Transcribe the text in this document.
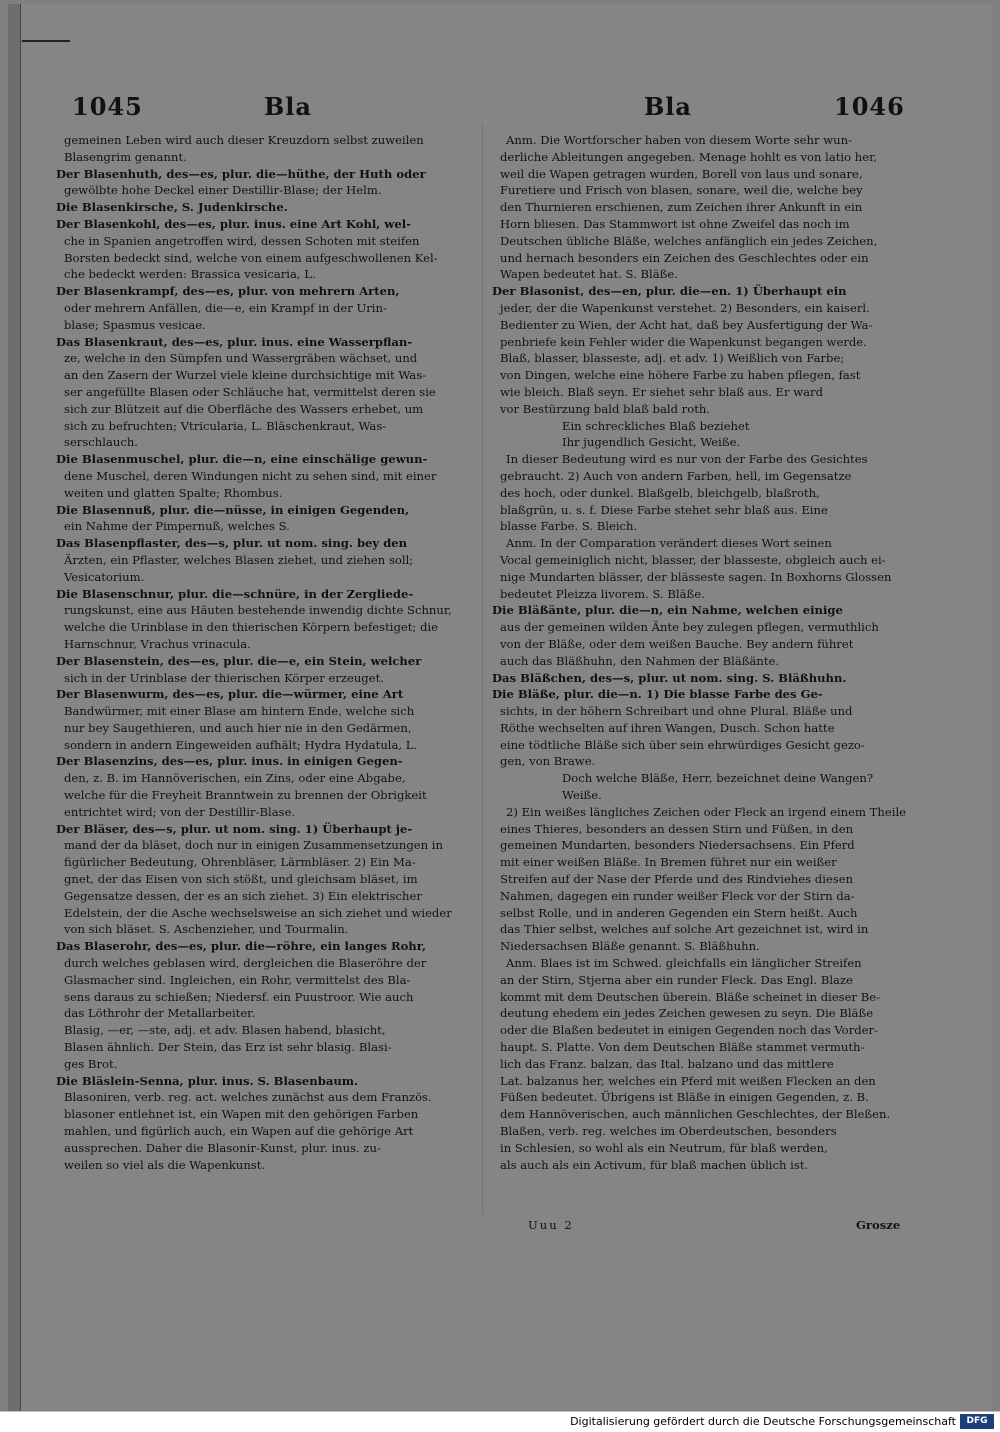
1045	Bla	Bla	1046
gemeinen Leben wird auch dieser Kreuzdorn selbst zuweilen
Blasengrim genannt.
Der Blasenhuth, des—es, plur. die—hüthe, der Huth oder
gewölbte hohe Deckel einer Destillir-Blase; der Helm.
Die Blasenkirsche, S. Judenkirsche.
Der Blasenkohl, des—es, plur. inus. eine Art Kohl, wel-
che in Spanien angetroffen wird, dessen Schoten mit steifen
Borsten bedeckt sind, welche von einem aufgeschwollenen Kel-
che bedeckt werden: Brassica vesicaria, L.
Der Blasenkrampf, des—es, plur. von mehrern Arten,
oder mehrern Anfällen, die—e, ein Krampf in der Urin-
blase; Spasmus vesicae.
Das Blasenkraut, des—es, plur. inus. eine Wasserpflan-
ze, welche in den Sümpfen und Wassergräben wächset, und
an den Zasern der Wurzel viele kleine durchsichtige mit Was-
ser angefüllte Blasen oder Schläuche hat, vermittelst deren sie
sich zur Blützeit auf die Oberfläche des Wassers erhebet, um
sich zu befruchten; Vtricularia, L. Bläschenkraut, Was-
serschlauch.
Die Blasenmuschel, plur. die—n, eine einschälige gewun-
dene Muschel, deren Windungen nicht zu sehen sind, mit einer
weiten und glatten Spalte; Rhombus.
Die Blasennuß, plur. die—nüsse, in einigen Gegenden,
ein Nahme der Pimpernuß, welches S.
Das Blasenpflaster, des—s, plur. ut nom. sing. bey den
Ärzten, ein Pflaster, welches Blasen ziehet, und ziehen soll;
Vesicatorium.
Die Blasenschnur, plur. die—schnüre, in der Zergliede-
rungskunst, eine aus Häuten bestehende inwendig dichte Schnur,
welche die Urinblase in den thierischen Körpern befestiget; die
Harnschnur, Vrachus vrinacula.
Der Blasenstein, des—es, plur. die—e, ein Stein, welcher
sich in der Urinblase der thierischen Körper erzeuget.
Der Blasenwurm, des—es, plur. die—würmer, eine Art
Bandwürmer, mit einer Blase am hintern Ende, welche sich
nur bey Saugethieren, und auch hier nie in den Gedärmen,
sondern in andern Eingeweiden aufhält; Hydra Hydatula, L.
Der Blasenzins, des—es, plur. inus. in einigen Gegen-
den, z. B. im Hannöverischen, ein Zins, oder eine Abgabe,
welche für die Freyheit Branntwein zu brennen der Obrigkeit
entrichtet wird; von der Destillir-Blase.
Der Bläser, des—s, plur. ut nom. sing. 1) Überhaupt je-
mand der da bläset, doch nur in einigen Zusammensetzungen in
figürlicher Bedeutung, Ohrenbläser, Lärmbläser. 2) Ein Ma-
gnet, der das Eisen von sich stößt, und gleichsam bläset, im
Gegensatze dessen, der es an sich ziehet. 3) Ein elektrischer
Edelstein, der die Asche wechselsweise an sich ziehet und wieder
von sich bläset. S. Aschenzieher, und Tourmalin.
Das Blaserohr, des—es, plur. die—röhre, ein langes Rohr,
durch welches geblasen wird, dergleichen die Blaseröhre der
Glasmacher sind. Ingleichen, ein Rohr, vermittelst des Bla-
sens daraus zu schießen; Niedersf. ein Puustroor. Wie auch
das Löthrohr der Metallarbeiter.
Blasig, —er, —ste, adj. et adv. Blasen habend, blasicht,
Blasen ähnlich. Der Stein, das Erz ist sehr blasig. Blasi-
ges Brot.
Die Bläslein-Senna, plur. inus. S. Blasenbaum.
Blasoniren, verb. reg. act. welches zunächst aus dem Französ.
blasoner entlehnet ist, ein Wapen mit den gehörigen Farben
mahlen, und figürlich auch, ein Wapen auf die gehörige Art
aussprechen. Daher die Blasonir-Kunst, plur. inus. zu-
weilen so viel als die Wapenkunst.
Anm. Die Wortforscher haben von diesem Worte sehr wun-
derliche Ableitungen angegeben. Menage hohlt es von latio her,
weil die Wapen getragen wurden, Borell von laus und sonare,
Furetiere und Frisch von blasen, sonare, weil die, welche bey
den Thurnieren erschienen, zum Zeichen ihrer Ankunft in ein
Horn bliesen. Das Stammwort ist ohne Zweifel das noch im
Deutschen übliche Bläße, welches anfänglich ein jedes Zeichen,
und hernach besonders ein Zeichen des Geschlechtes oder ein
Wapen bedeutet hat. S. Bläße.
Der Blasonist, des—en, plur. die—en. 1) Überhaupt ein
jeder, der die Wapenkunst verstehet. 2) Besonders, ein kaiserl.
Bedienter zu Wien, der Acht hat, daß bey Ausfertigung der Wa-
penbriefe kein Fehler wider die Wapenkunst begangen werde.
Blaß, blasser, blasseste, adj. et adv. 1) Weißlich von Farbe;
von Dingen, welche eine höhere Farbe zu haben pflegen, fast
wie bleich. Blaß seyn. Er siehet sehr blaß aus. Er ward
vor Bestürzung bald blaß bald roth.
Ein schreckliches Blaß beziehet
Ihr jugendlich Gesicht, Weiße.
In dieser Bedeutung wird es nur von der Farbe des Gesichtes
gebraucht. 2) Auch von andern Farben, hell, im Gegensatze
des hoch, oder dunkel. Blaßgelb, bleichgelb, blaßroth,
blaßgrün, u. s. f. Diese Farbe stehet sehr blaß aus. Eine
blasse Farbe. S. Bleich.
Anm. In der Comparation verändert dieses Wort seinen
Vocal gemeiniglich nicht, blasser, der blasseste, obgleich auch ei-
nige Mundarten blässer, der blässeste sagen. In Boxhorns Glossen
bedeutet Pleizza livorem. S. Bläße.
Die Bläßänte, plur. die—n, ein Nahme, welchen einige
aus der gemeinen wilden Änte bey zulegen pflegen, vermuthlich
von der Bläße, oder dem weißen Bauche. Bey andern führet
auch das Bläßhuhn, den Nahmen der Bläßänte.
Das Bläßchen, des—s, plur. ut nom. sing. S. Bläßhuhn.
Die Bläße, plur. die—n. 1) Die blasse Farbe des Ge-
sichts, in der höhern Schreibart und ohne Plural. Bläße und
Röthe wechselten auf ihren Wangen, Dusch. Schon hatte
eine tödtliche Bläße sich über sein ehrwürdiges Gesicht gezo-
gen, von Brawe.
Doch welche Bläße, Herr, bezeichnet deine Wangen?
Weiße.
2) Ein weißes längliches Zeichen oder Fleck an irgend einem Theile
eines Thieres, besonders an dessen Stirn und Füßen, in den
gemeinen Mundarten, besonders Niedersachsens. Ein Pferd
mit einer weißen Bläße. In Bremen führet nur ein weißer
Streifen auf der Nase der Pferde und des Rindviehes diesen
Nahmen, dagegen ein runder weißer Fleck vor der Stirn da-
selbst Rolle, und in anderen Gegenden ein Stern heißt. Auch
das Thier selbst, welches auf solche Art gezeichnet ist, wird in
Niedersachsen Bläße genannt. S. Bläßhuhn.
Anm. Blaes ist im Schwed. gleichfalls ein länglicher Streifen
an der Stirn, Stjerna aber ein runder Fleck. Das Engl. Blaze
kommt mit dem Deutschen überein. Bläße scheinet in dieser Be-
deutung ehedem ein jedes Zeichen gewesen zu seyn. Die Bläße
oder die Blaßen bedeutet in einigen Gegenden noch das Vorder-
haupt. S. Platte. Von dem Deutschen Bläße stammet vermuth-
lich das Franz. balzan, das Ital. balzano und das mittlere
Lat. balzanus her, welches ein Pferd mit weißen Flecken an den
Füßen bedeutet. Übrigens ist Bläße in einigen Gegenden, z. B.
dem Hannöverischen, auch männlichen Geschlechtes, der Bleßen.
Blaßen, verb. reg. welches im Oberdeutschen, besonders
in Schlesien, so wohl als ein Neutrum, für blaß werden,
als auch als ein Activum, für blaß machen üblich ist.
Uuu 2	Grosze
Digitalisierung gefördert durch die Deutsche Forschungsgemeinschaft	DFG
